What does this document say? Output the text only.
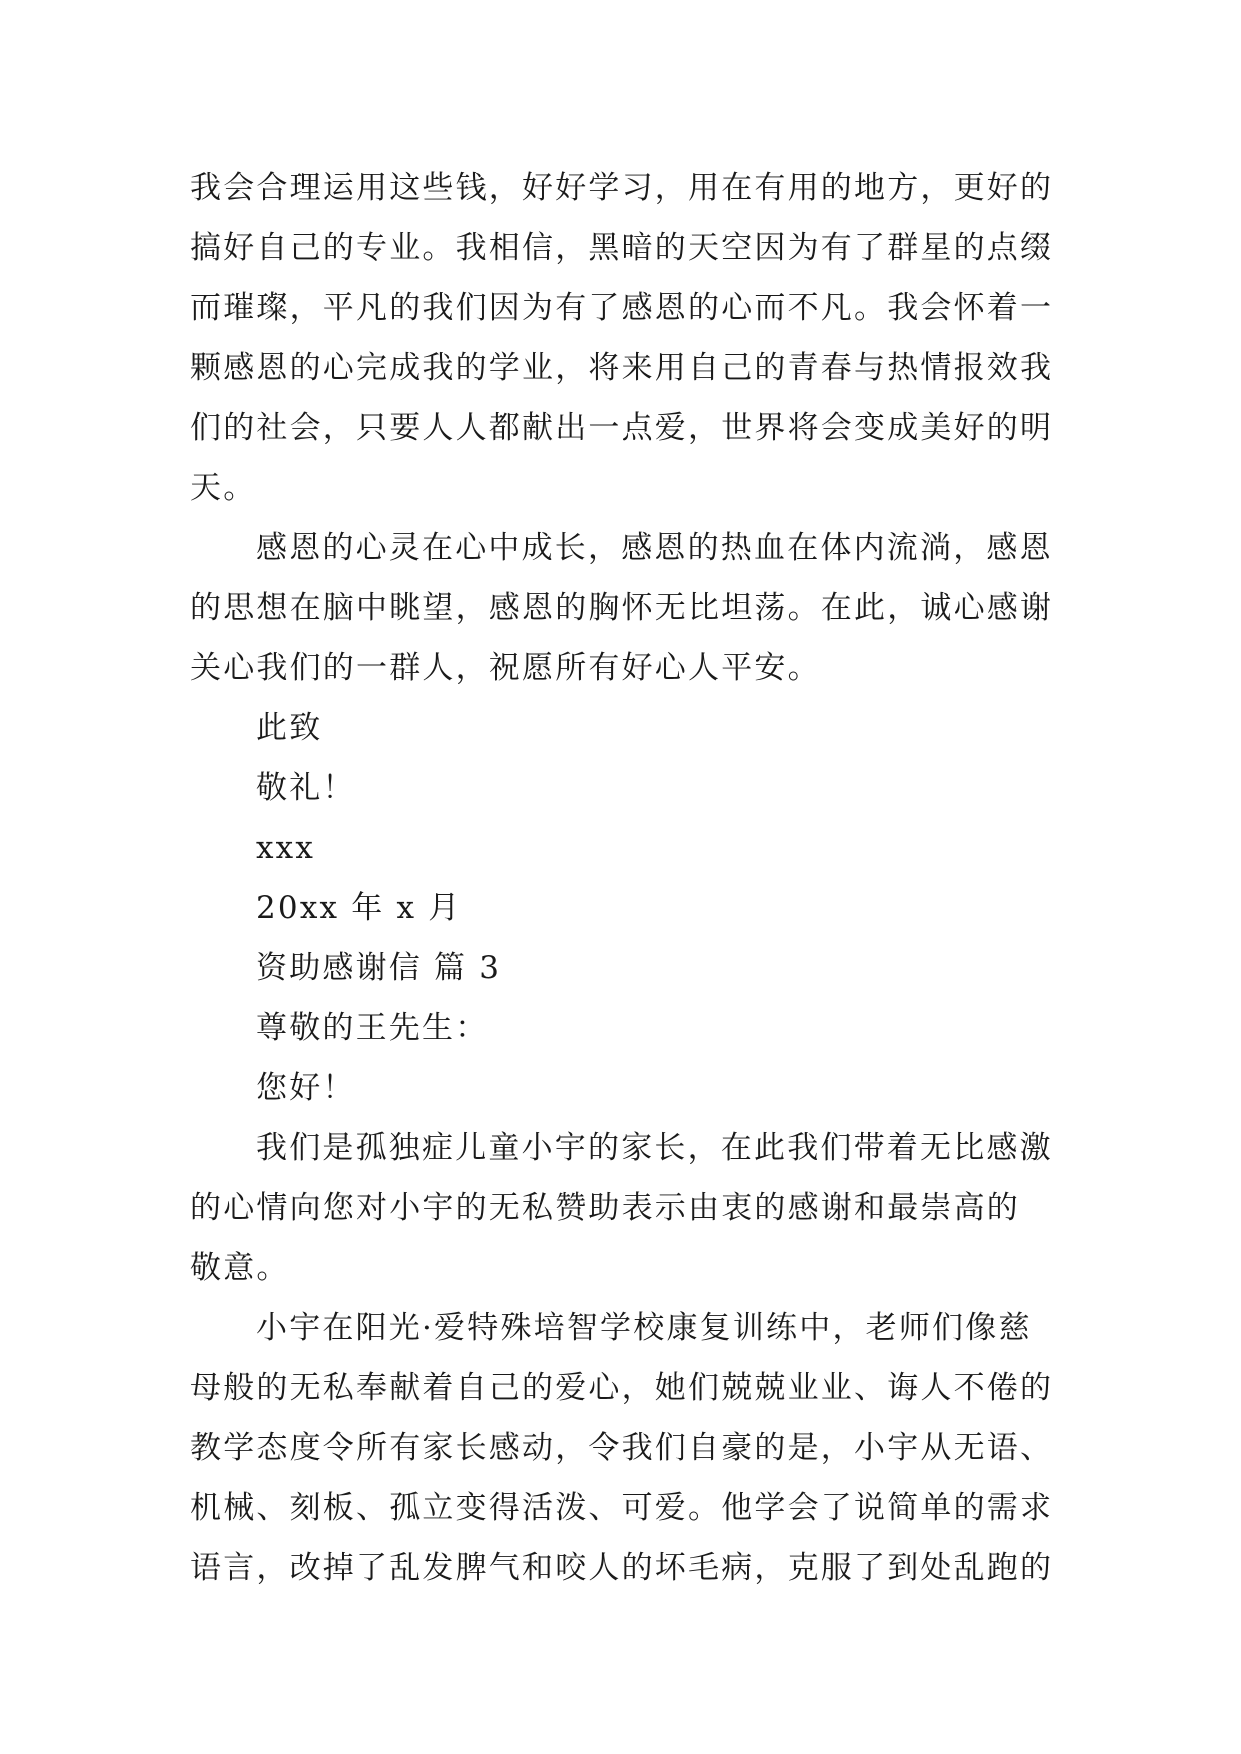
我会合理运用这些钱，好好学习，用在有用的地方，更好的
搞好自己的专业。我相信，黑暗的天空因为有了群星的点缀
而璀璨，平凡的我们因为有了感恩的心而不凡。我会怀着一
颗感恩的心完成我的学业，将来用自己的青春与热情报效我
们的社会，只要人人都献出一点爱，世界将会变成美好的明
天。
感恩的心灵在心中成长，感恩的热血在体内流淌，感恩
的思想在脑中眺望，感恩的胸怀无比坦荡。在此，诚心感谢
关心我们的一群人，祝愿所有好心人平安。
此致
敬礼！
xxx
20xx 年 x 月
资助感谢信 篇 3
尊敬的王先生：
您好！
我们是孤独症儿童小宇的家长，在此我们带着无比感激
的心情向您对小宇的无私赞助表示由衷的感谢和最崇高的
敬意。
小宇在阳光·爱特殊培智学校康复训练中，老师们像慈
母般的无私奉献着自己的爱心，她们兢兢业业、诲人不倦的
教学态度令所有家长感动，令我们自豪的是，小宇从无语、
机械、刻板、孤立变得活泼、可爱。他学会了说简单的需求
语言，改掉了乱发脾气和咬人的坏毛病，克服了到处乱跑的
